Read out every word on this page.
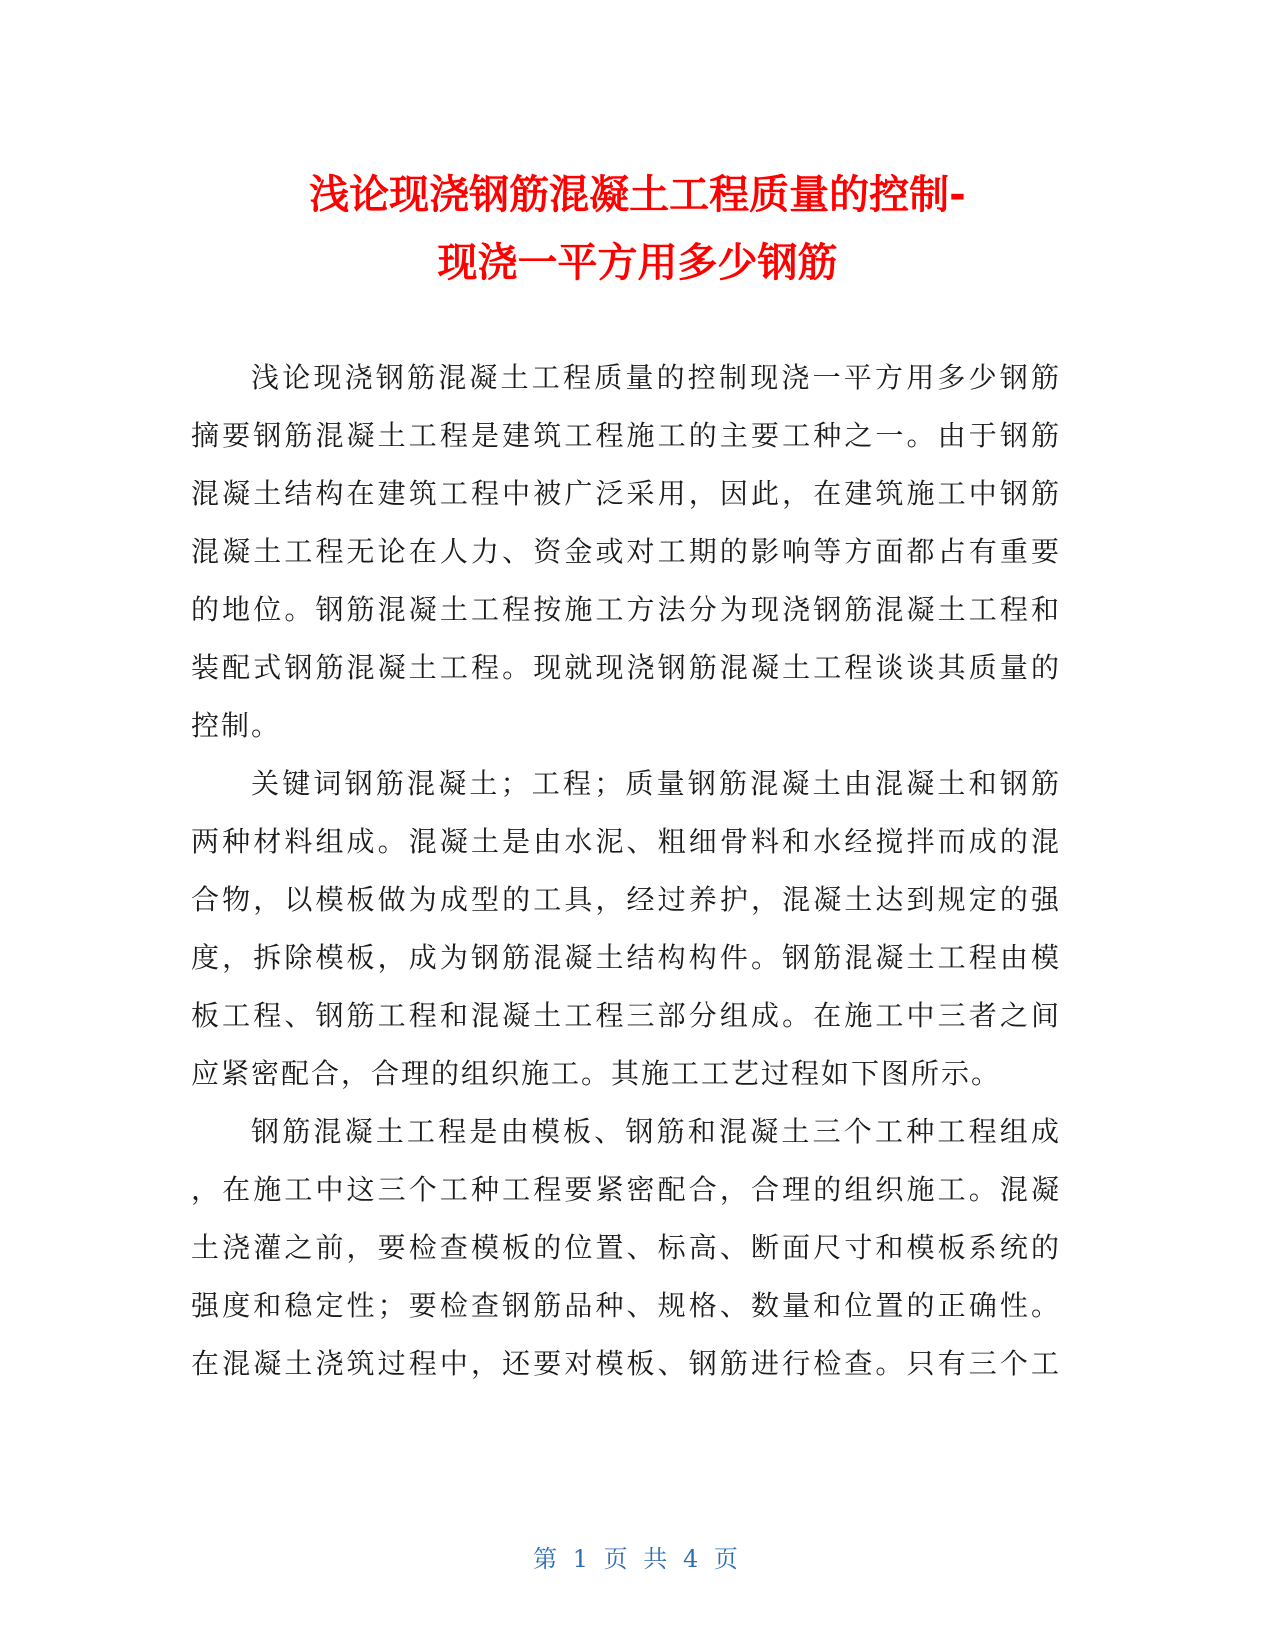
浅论现浇钢筋混凝土工程质量的控制-
现浇一平方用多少钢筋
浅论现浇钢筋混凝土工程质量的控制现浇一平方用多少钢筋
摘要钢筋混凝土工程是建筑工程施工的主要工种之一。由于钢筋
混凝土结构在建筑工程中被广泛采用，因此，在建筑施工中钢筋
混凝土工程无论在人力、资金或对工期的影响等方面都占有重要
的地位。钢筋混凝土工程按施工方法分为现浇钢筋混凝土工程和
装配式钢筋混凝土工程。现就现浇钢筋混凝土工程谈谈其质量的
控制。
关键词钢筋混凝土；工程；质量钢筋混凝土由混凝土和钢筋
两种材料组成。混凝土是由水泥、粗细骨料和水经搅拌而成的混
合物，以模板做为成型的工具，经过养护，混凝土达到规定的强
度，拆除模板，成为钢筋混凝土结构构件。钢筋混凝土工程由模
板工程、钢筋工程和混凝土工程三部分组成。在施工中三者之间
应紧密配合，合理的组织施工。其施工工艺过程如下图所示。
钢筋混凝土工程是由模板、钢筋和混凝土三个工种工程组成
，在施工中这三个工种工程要紧密配合，合理的组织施工。混凝
土浇灌之前，要检查模板的位置、标高、断面尺寸和模板系统的
强度和稳定性；要检查钢筋品种、规格、数量和位置的正确性。
在混凝土浇筑过程中，还要对模板、钢筋进行检查。只有三个工
第 1 页 共 4 页
